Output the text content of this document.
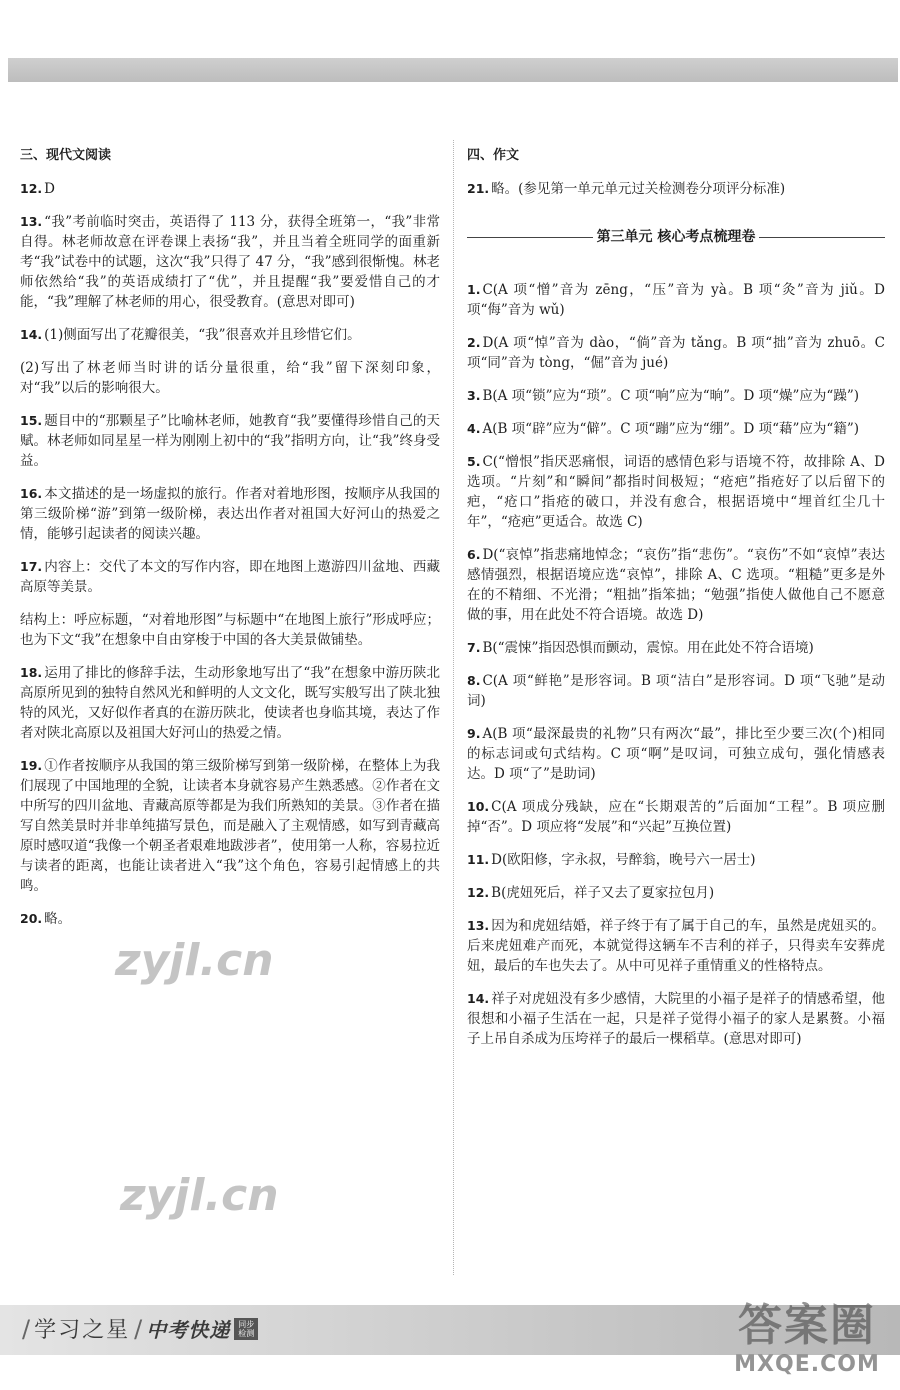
三、现代文阅读

12. D

13. “我”考前临时突击，英语得了 113 分，获得全班第一，“我”非常自得。林老师故意在评卷课上表扬“我”，并且当着全班同学的面重新考“我”试卷中的试题，这次“我”只得了 47 分，“我”感到很惭愧。林老师依然给“我”的英语成绩打了“优”，并且提醒“我”要爱惜自己的才能，“我”理解了林老师的用心，很受教育。(意思对即可)

14. (1)侧面写出了花瓣很美，“我”很喜欢并且珍惜它们。

(2)写出了林老师当时讲的话分量很重，给“我”留下深刻印象，对“我”以后的影响很大。

15. 题目中的“那颗星子”比喻林老师，她教育“我”要懂得珍惜自己的天赋。林老师如同星星一样为刚刚上初中的“我”指明方向，让“我”终身受益。

16. 本文描述的是一场虚拟的旅行。作者对着地形图，按顺序从我国的第三级阶梯“游”到第一级阶梯，表达出作者对祖国大好河山的热爱之情，能够引起读者的阅读兴趣。

17. 内容上：交代了本文的写作内容，即在地图上遨游四川盆地、西藏高原等美景。

结构上：呼应标题，“对着地形图”与标题中“在地图上旅行”形成呼应；也为下文“我”在想象中自由穿梭于中国的各大美景做铺垫。

18. 运用了排比的修辞手法，生动形象地写出了“我”在想象中游历陕北高原所见到的独特自然风光和鲜明的人文文化，既写实般写出了陕北独特的风光，又好似作者真的在游历陕北，使读者也身临其境，表达了作者对陕北高原以及祖国大好河山的热爱之情。

19. ①作者按顺序从我国的第三级阶梯写到第一级阶梯，在整体上为我们展现了中国地理的全貌，让读者本身就容易产生熟悉感。②作者在文中所写的四川盆地、青藏高原等都是为我们所熟知的美景。③作者在描写自然美景时并非单纯描写景色，而是融入了主观情感，如写到青藏高原时感叹道“我像一个朝圣者艰难地跋涉者”，使用第一人称，容易拉近与读者的距离，也能让读者进入“我”这个角色，容易引起情感上的共鸣。

20. 略。

四、作文

21. 略。(参见第一单元单元过关检测卷分项评分标准)

第三单元 核心考点梳理卷

1. C(A 项“憎”音为 zēng，“压”音为 yà。B 项“灸”音为 jiǔ。D 项“侮”音为 wǔ)

2. D(A 项“悼”音为 dào，“倘”音为 tǎng。B 项“拙”音为 zhuō。C 项“同”音为 tòng，“倔”音为 jué)

3. B(A 项“锁”应为“琐”。C 项“响”应为“晌”。D 项“燥”应为“躁”)

4. A(B 项“辟”应为“僻”。C 项“蹦”应为“绷”。D 项“藉”应为“籍”)

5. C(“憎恨”指厌恶痛恨，词语的感情色彩与语境不符，故排除 A、D 选项。“片刻”和“瞬间”都指时间极短；“疮疤”指疮好了以后留下的疤，“疮口”指疮的破口，并没有愈合，根据语境中“埋首红尘几十年”，“疮疤”更适合。故选 C)

6. D(“哀悼”指悲痛地悼念；“哀伤”指“悲伤”。“哀伤”不如“哀悼”表达感情强烈，根据语境应选“哀悼”，排除 A、C 选项。“粗糙”更多是外在的不精细、不光滑；“粗拙”指笨拙；“勉强”指使人做他自己不愿意做的事，用在此处不符合语境。故选 D)

7. B(“震悚”指因恐惧而颤动，震惊。用在此处不符合语境)

8. C(A 项“鲜艳”是形容词。B 项“洁白”是形容词。D 项“飞驰”是动词)

9. A(B 项“最深最贵的礼物”只有两次“最”，排比至少要三次(个)相同的标志词或句式结构。C 项“啊”是叹词，可独立成句，强化情感表达。D 项“了”是助词)

10. C(A 项成分残缺，应在“长期艰苦的”后面加“工程”。B 项应删掉“否”。D 项应将“发展”和“兴起”互换位置)

11. D(欧阳修，字永叔，号醉翁，晚号六一居士)

12. B(虎妞死后，祥子又去了夏家拉包月)

13. 因为和虎妞结婚，祥子终于有了属于自己的车，虽然是虎妞买的。后来虎妞难产而死，本就觉得这辆车不吉利的祥子，只得卖车安葬虎妞，最后的车也失去了。从中可见祥子重情重义的性格特点。

14. 祥子对虎妞没有多少感情，大院里的小福子是祥子的情感希望，他很想和小福子生活在一起，只是祥子觉得小福子的家人是累赘。小福子上吊自杀成为压垮祥子的最后一棵稻草。(意思对即可)

zyjl.cn
zyjl.cn
/ 学习之星 / 中考快递	同步检测	答案圈
MXQE.COM
